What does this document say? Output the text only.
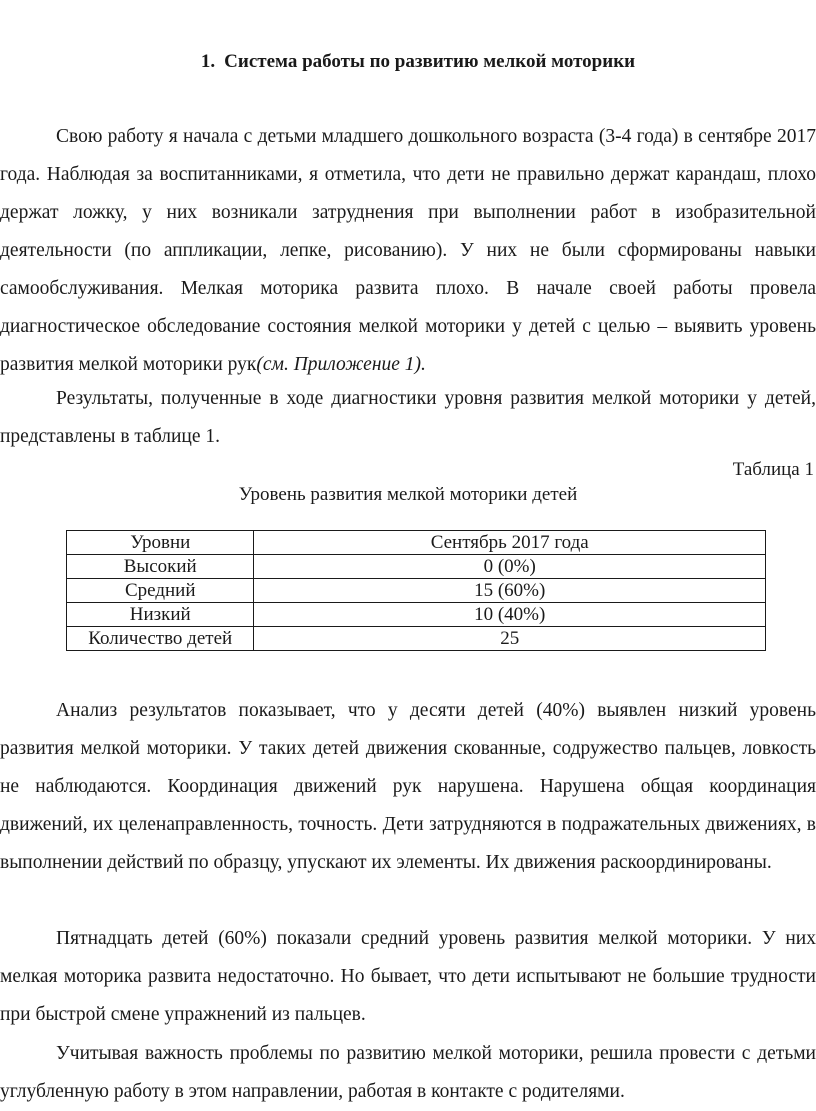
1. Система работы по развитию мелкой моторики

Свою работу я начала с детьми младшего дошкольного возраста (3-4 года) в сентябре 2017 года. Наблюдая за воспитанниками, я отметила, что дети не правильно держат карандаш, плохо держат ложку, у них возникали затруднения при выполнении работ в изобразительной деятельности (по аппликации, лепке, рисованию). У них не были сформированы навыки самообслуживания. Мелкая моторика развита плохо. В начале своей работы провела диагностическое обследование состояния мелкой моторики у детей с целью – выявить уровень развития мелкой моторики рук(см. Приложение 1).

Результаты, полученные в ходе диагностики уровня развития мелкой моторики у детей, представлены в таблице 1.

Таблица 1
Уровень развития мелкой моторики детей
Уровни	Сентябрь 2017 года
Высокий	0 (0%)
Средний	15 (60%)
Низкий	10 (40%)
Количество детей	25

Анализ результатов показывает, что у десяти детей (40%) выявлен низкий уровень развития мелкой моторики. У таких детей движения скованные, содружество пальцев, ловкость не наблюдаются. Координация движений рук нарушена. Нарушена общая координация движений, их целенаправленность, точность. Дети затрудняются в подражательных движениях, в выполнении действий по образцу, упускают их элементы. Их движения раскоординированы.

Пятнадцать детей (60%) показали средний уровень развития мелкой моторики. У них мелкая моторика развита недостаточно. Но бывает, что дети испытывают не большие трудности при быстрой смене упражнений из пальцев.

Учитывая важность проблемы по развитию мелкой моторики, решила провести с детьми углубленную работу в этом направлении, работая в контакте с родителями.
